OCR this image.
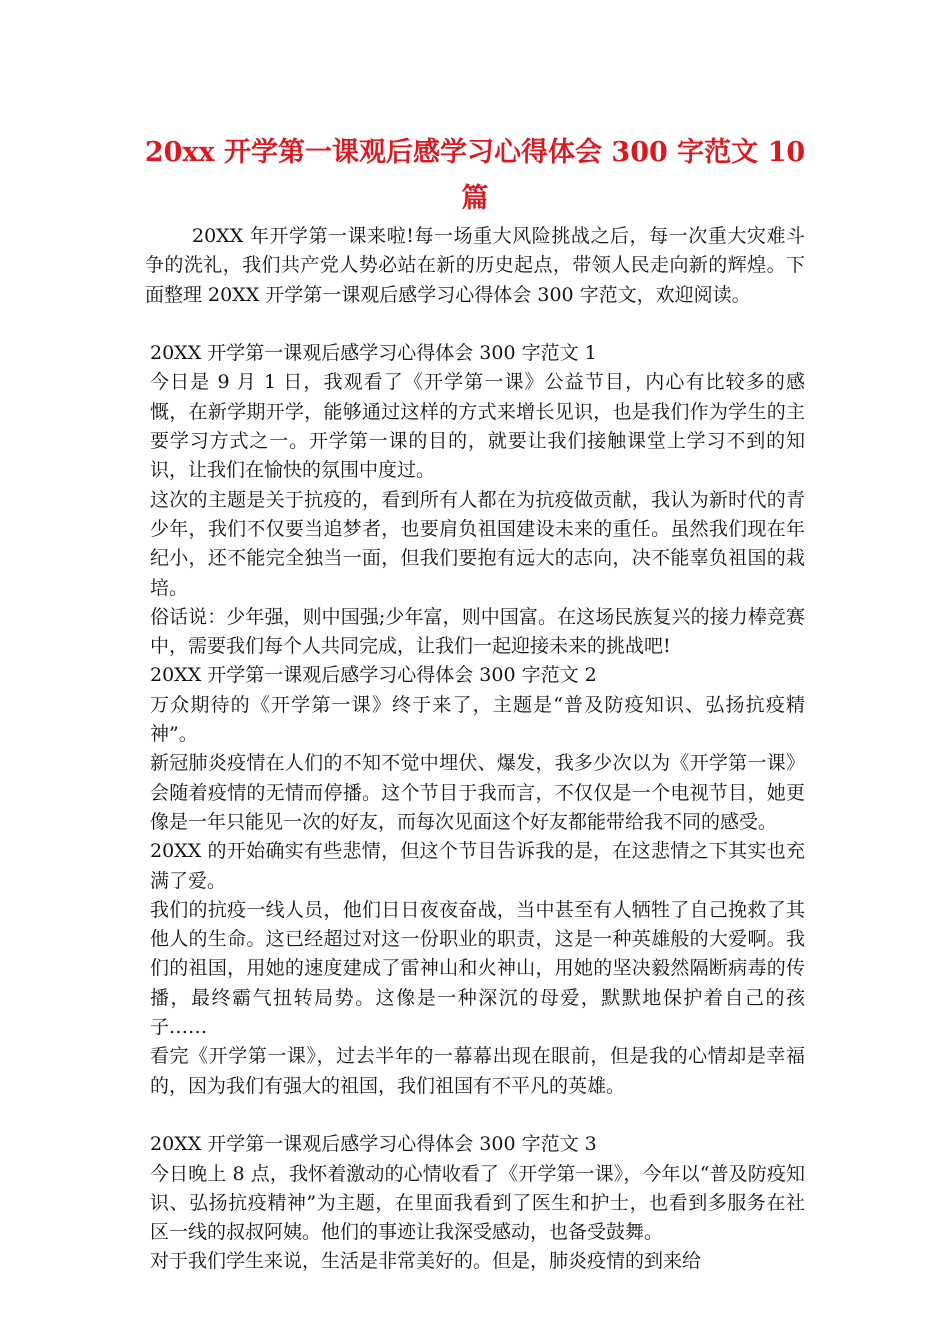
20xx 开学第一课观后感学习心得体会 300 字范文 10 篇

20XX 年开学第一课来啦!每一场重大风险挑战之后，每一次重大灾难斗争的洗礼，我们共产党人势必站在新的历史起点，带领人民走向新的辉煌。下面整理 20XX 开学第一课观后感学习心得体会 300 字范文，欢迎阅读。

20XX 开学第一课观后感学习心得体会 300 字范文 1

今日是 9 月 1 日，我观看了《开学第一课》公益节目，内心有比较多的感慨，在新学期开学，能够通过这样的方式来增长见识，也是我们作为学生的主要学习方式之一。开学第一课的目的，就要让我们接触课堂上学习不到的知识，让我们在愉快的氛围中度过。

这次的主题是关于抗疫的，看到所有人都在为抗疫做贡献，我认为新时代的青少年，我们不仅要当追梦者，也要肩负祖国建设未来的重任。虽然我们现在年纪小，还不能完全独当一面，但我们要抱有远大的志向，决不能辜负祖国的栽培。

俗话说：少年强，则中国强;少年富，则中国富。在这场民族复兴的接力棒竞赛中，需要我们每个人共同完成，让我们一起迎接未来的挑战吧!

20XX 开学第一课观后感学习心得体会 300 字范文 2

万众期待的《开学第一课》终于来了，主题是“普及防疫知识、弘扬抗疫精神”。

新冠肺炎疫情在人们的不知不觉中埋伏、爆发，我多少次以为《开学第一课》会随着疫情的无情而停播。这个节目于我而言，不仅仅是一个电视节目，她更像是一年只能见一次的好友，而每次见面这个好友都能带给我不同的感受。

20XX 的开始确实有些悲情，但这个节目告诉我的是，在这悲情之下其实也充满了爱。

我们的抗疫一线人员，他们日日夜夜奋战，当中甚至有人牺牲了自己挽救了其他人的生命。这已经超过对这一份职业的职责，这是一种英雄般的大爱啊。我们的祖国，用她的速度建成了雷神山和火神山，用她的坚决毅然隔断病毒的传播，最终霸气扭转局势。这像是一种深沉的母爱，默默地保护着自己的孩子……

看完《开学第一课》，过去半年的一幕幕出现在眼前，但是我的心情却是幸福的，因为我们有强大的祖国，我们祖国有不平凡的英雄。

20XX 开学第一课观后感学习心得体会 300 字范文 3

今日晚上 8 点，我怀着激动的心情收看了《开学第一课》，今年以“普及防疫知识、弘扬抗疫精神”为主题，在里面我看到了医生和护士，也看到多服务在社区一线的叔叔阿姨。他们的事迹让我深受感动，也备受鼓舞。

对于我们学生来说，生活是非常美好的。但是，肺炎疫情的到来给
